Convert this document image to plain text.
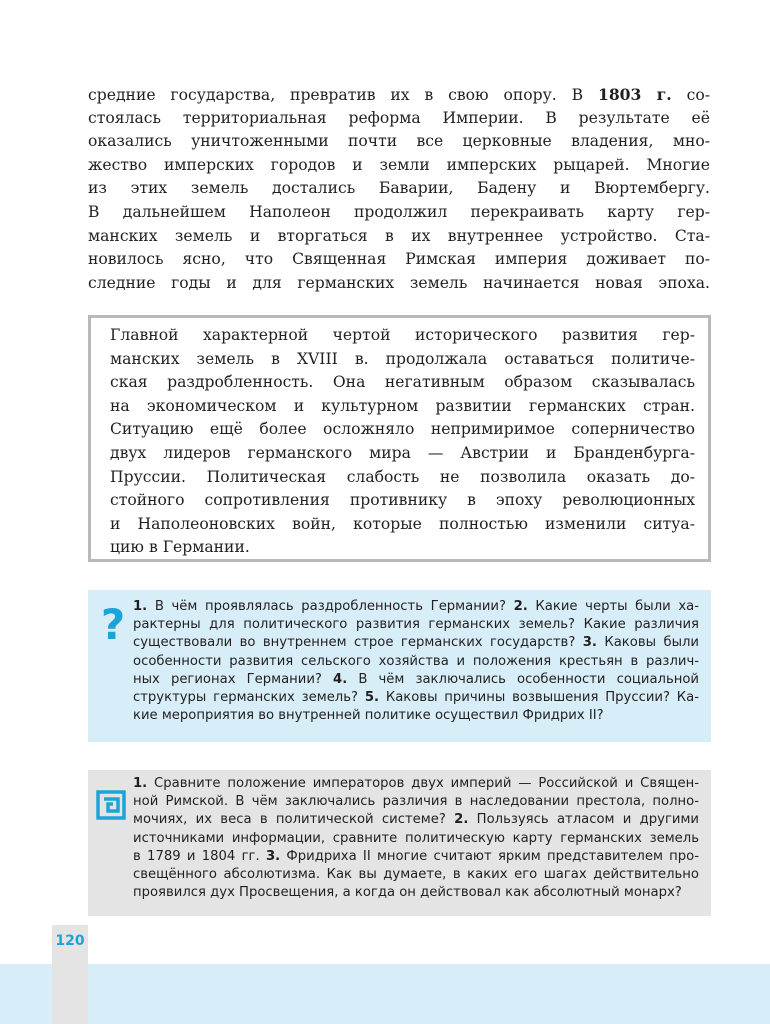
средние государства, превратив их в свою опору. В 1803 г. со-
стоялась территориальная реформа Империи. В результате её
оказались уничтоженными почти все церковные владения, мно-
жество имперских городов и земли имперских рыцарей. Многие
из этих земель достались Баварии, Бадену и Вюртембергу.
В дальнейшем Наполеон продолжил перекраивать карту гер-
манских земель и вторгаться в их внутреннее устройство. Ста-
новилось ясно, что Священная Римская империя доживает по-
следние годы и для германских земель начинается новая эпоха.
Главной характерной чертой исторического развития гер-
манских земель в XVIII в. продолжала оставаться политиче-
ская раздробленность. Она негативным образом сказывалась
на экономическом и культурном развитии германских стран.
Ситуацию ещё более осложняло непримиримое соперничество
двух лидеров германского мира — Австрии и Бранденбурга-
Пруссии. Политическая слабость не позволила оказать до-
стойного сопротивления противнику в эпоху революционных
и Наполеоновских войн, которые полностью изменили ситуа-
цию в Германии.
? 1. В чём проявлялась раздробленность Германии? 2. Какие черты были ха-
рактерны для политического развития германских земель? Какие различия
существовали во внутреннем строе германских государств? 3. Каковы были
особенности развития сельского хозяйства и положения крестьян в различ-
ных регионах Германии? 4. В чём заключались особенности социальной
структуры германских земель? 5. Каковы причины возвышения Пруссии? Ка-
кие мероприятия во внутренней политике осуществил Фридрих II?
1. Сравните положение императоров двух империй — Российской и Священ-
ной Римской. В чём заключались различия в наследовании престола, полно-
мочиях, их веса в политической системе? 2. Пользуясь атласом и другими
источниками информации, сравните политическую карту германских земель
в 1789 и 1804 гг. 3. Фридриха II многие считают ярким представителем про-
свещённого абсолютизма. Как вы думаете, в каких его шагах действительно
проявился дух Просвещения, а когда он действовал как абсолютный монарх?
120
